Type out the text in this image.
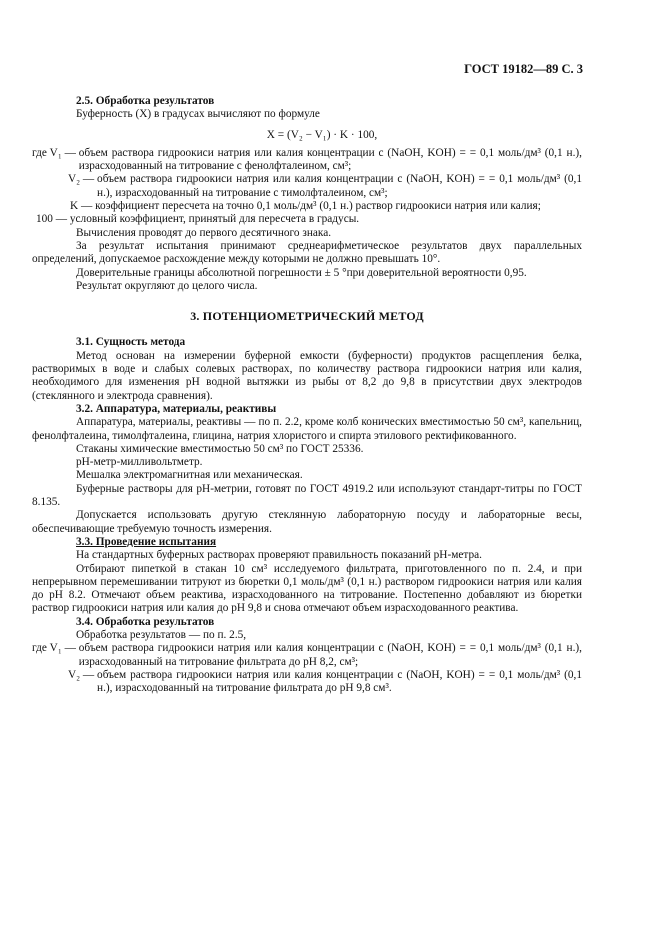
ГОСТ 19182—89 С. 3

2.5. Обработка результатов

Буферность (X) в градусах вычисляют по формуле

X = (V₂ − V₁) · K · 100,

где V₁ — объем раствора гидроокиси натрия или калия концентрации c (NaOH, KOH) = = 0,1 моль/дм³ (0,1 н.), израсходованный на титрование с фенолфталеином, см³;
V₂ — объем раствора гидроокиси натрия или калия концентрации c (NaOH, KOH) = = 0,1 моль/дм³ (0,1 н.), израсходованный на титрование с тимолфталеином, см³;
K — коэффициент пересчета на точно 0,1 моль/дм³ (0,1 н.) раствор гидроокиси натрия или калия;
100 — условный коэффициент, принятый для пересчета в градусы.

Вычисления проводят до первого десятичного знака.

За результат испытания принимают среднеарифметическое результатов двух параллельных определений, допускаемое расхождение между которыми не должно превышать 10°.

Доверительные границы абсолютной погрешности ± 5 °при доверительной вероятности 0,95.

Результат округляют до целого числа.

3. ПОТЕНЦИОМЕТРИЧЕСКИЙ МЕТОД

3.1. Сущность метода

Метод основан на измерении буферной емкости (буферности) продуктов расщепления белка, растворимых в воде и слабых солевых растворах, по количеству раствора гидроокиси натрия или калия, необходимого для изменения pH водной вытяжки из рыбы от 8,2 до 9,8 в присутствии двух электродов (стеклянного и электрода сравнения).

3.2. Аппаратура, материалы, реактивы

Аппаратура, материалы, реактивы — по п. 2.2, кроме колб конических вместимостью 50 см³, капельниц, фенолфталеина, тимолфталеина, глицина, натрия хлористого и спирта этилового ректификованного.

Стаканы химические вместимостью 50 см³ по ГОСТ 25336.

pH-метр-милливольтметр.

Мешалка электромагнитная или механическая.

Буферные растворы для pH-метрии, готовят по ГОСТ 4919.2 или используют стандарт-титры по ГОСТ 8.135.

Допускается использовать другую стеклянную лабораторную посуду и лабораторные весы, обеспечивающие требуемую точность измерения.

3.3. Проведение испытания

На стандартных буферных растворах проверяют правильность показаний pH-метра.

Отбирают пипеткой в стакан 10 см³ исследуемого фильтрата, приготовленного по п. 2.4, и при непрерывном перемешивании титруют из бюретки 0,1 моль/дм³ (0,1 н.) раствором гидроокиси натрия или калия до pH 8.2. Отмечают объем реактива, израсходованного на титрование. Постепенно добавляют из бюретки раствор гидроокиси натрия или калия до pH 9,8 и снова отмечают объем израсходованного реактива.

3.4. Обработка результатов

Обработка результатов — по п. 2.5,

где V₁ — объем раствора гидроокиси натрия или калия концентрации c (NaOH, KOH) = = 0,1 моль/дм³ (0,1 н.), израсходованный на титрование фильтрата до pH 8,2, см³;
V₂ — объем раствора гидроокиси натрия или калия концентрации c (NaOH, KOH) = = 0,1 моль/дм³ (0,1 н.), израсходованный на титрование фильтрата до pH 9,8 см³.
